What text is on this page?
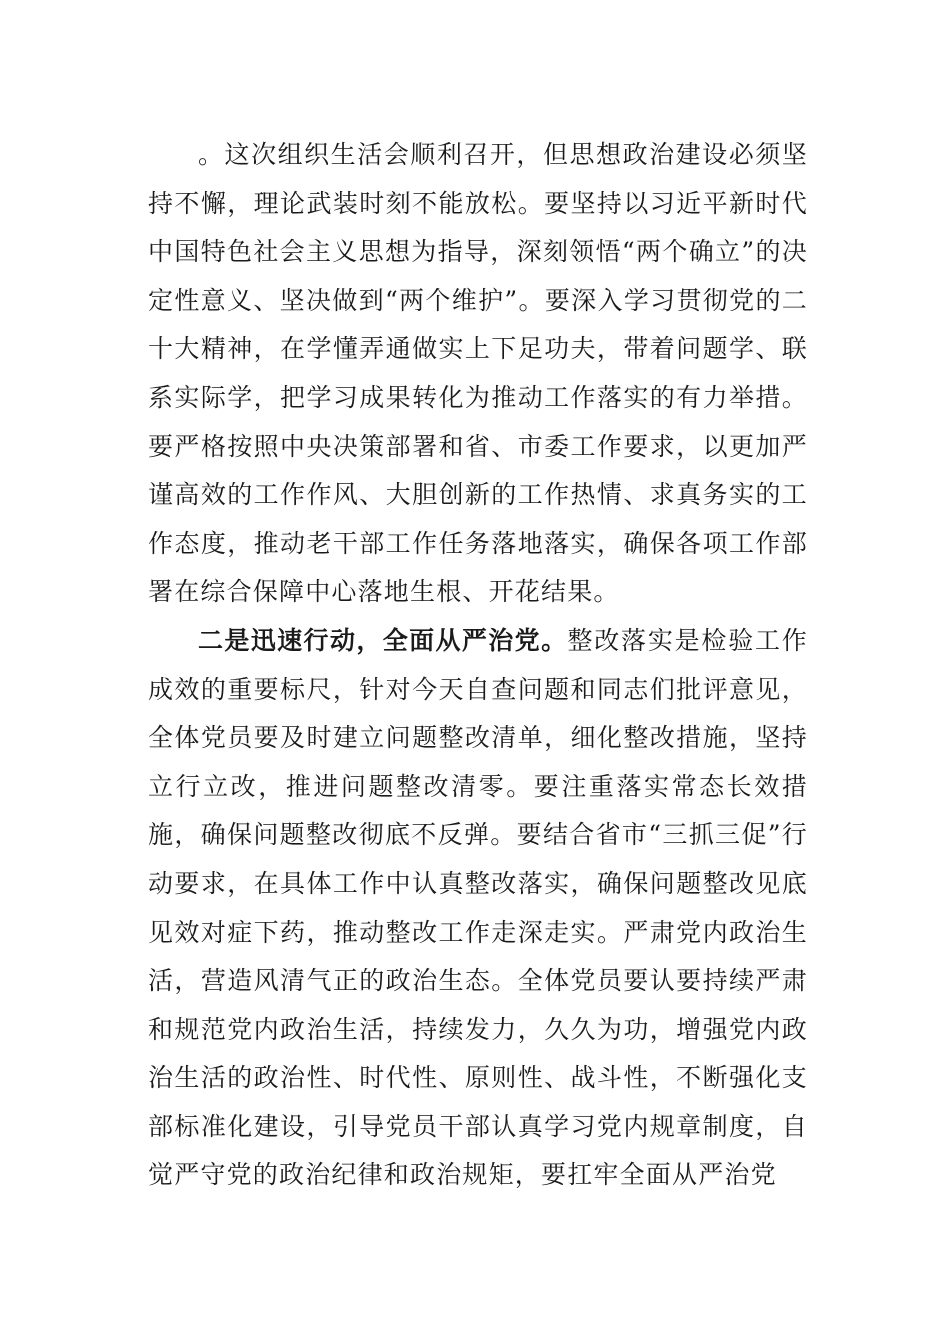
。这次组织生活会顺利召开，但思想政治建设必须坚持不懈，理论武装时刻不能放松。要坚持以习近平新时代中国特色社会主义思想为指导，深刻领悟“两个确立”的决定性意义、坚决做到“两个维护”。要深入学习贯彻党的二十大精神，在学懂弄通做实上下足功夫，带着问题学、联系实际学，把学习成果转化为推动工作落实的有力举措。要严格按照中央决策部署和省、市委工作要求，以更加严谨高效的工作作风、大胆创新的工作热情、求真务实的工作态度，推动老干部工作任务落地落实，确保各项工作部署在综合保障中心落地生根、开花结果。

二是迅速行动，全面从严治党。整改落实是检验工作成效的重要标尺，针对今天自查问题和同志们批评意见，全体党员要及时建立问题整改清单，细化整改措施，坚持立行立改，推进问题整改清零。要注重落实常态长效措施，确保问题整改彻底不反弹。要结合省市“三抓三促”行动要求，在具体工作中认真整改落实，确保问题整改见底见效对症下药，推动整改工作走深走实。严肃党内政治生活，营造风清气正的政治生态。全体党员要认要持续严肃和规范党内政治生活，持续发力，久久为功，增强党内政治生活的政治性、时代性、原则性、战斗性，不断强化支部标准化建设，引导党员干部认真学习党内规章制度，自觉严守党的政治纪律和政治规矩，要扛牢全面从严治党
